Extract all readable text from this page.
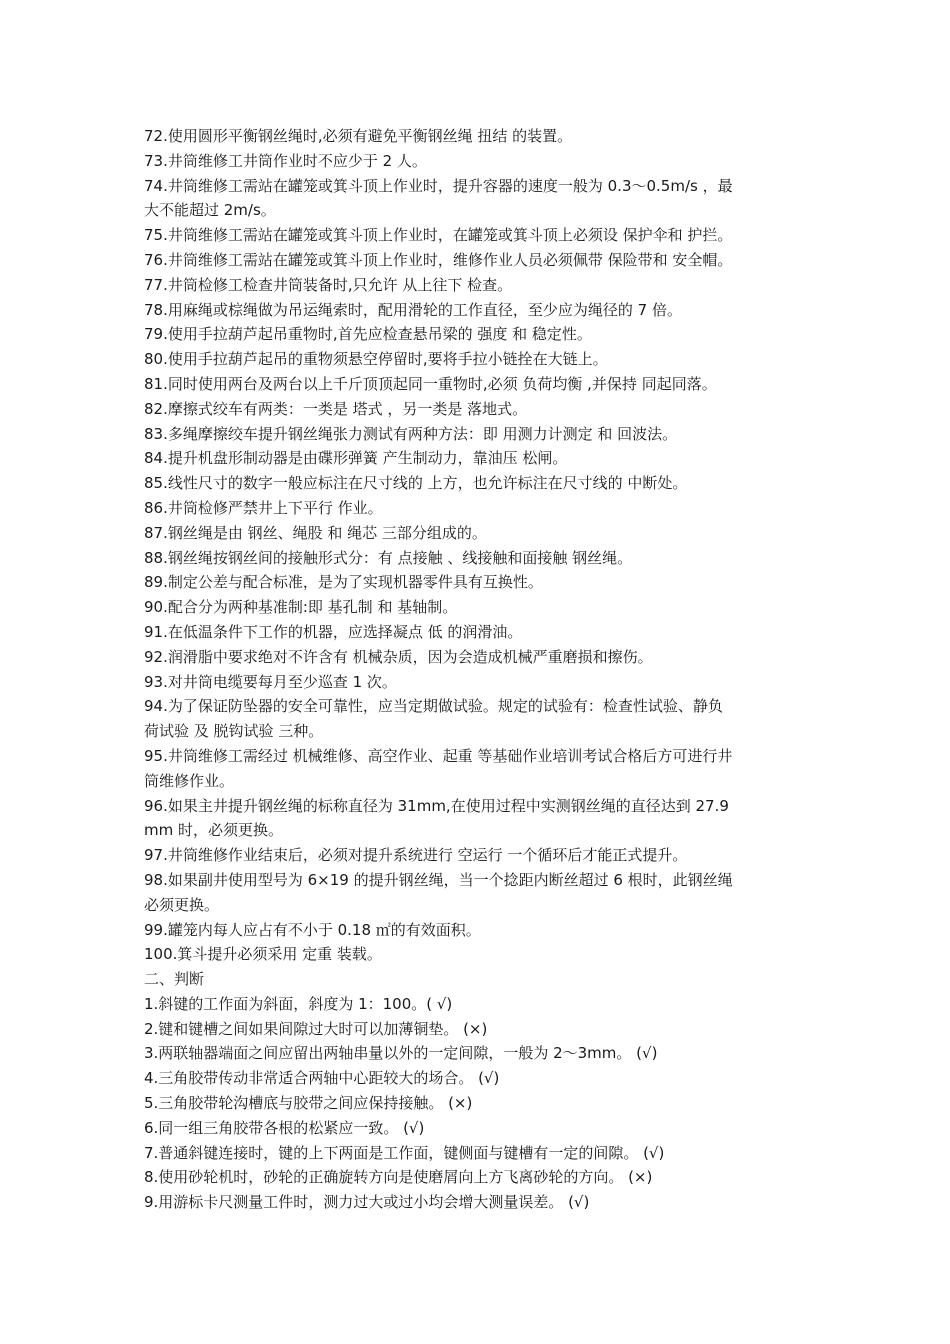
72.使用圆形平衡钢丝绳时,必须有避免平衡钢丝绳 扭结 的装置。
73.井筒维修工井筒作业时不应少于 2 人。
74.井筒维修工需站在罐笼或箕斗顶上作业时，提升容器的速度一般为 0.3～0.5m/s ，最
大不能超过 2m/s。
75.井筒维修工需站在罐笼或箕斗顶上作业时，在罐笼或箕斗顶上必须设 保护伞和 护拦。
76.井筒维修工需站在罐笼或箕斗顶上作业时，维修作业人员必须佩带 保险带和 安全帽。
77.井筒检修工检查井筒装备时,只允许 从上往下 检查。
78.用麻绳或棕绳做为吊运绳索时，配用滑轮的工作直径，至少应为绳径的 7 倍。
79.使用手拉葫芦起吊重物时,首先应检查悬吊梁的 强度 和 稳定性。
80.使用手拉葫芦起吊的重物须悬空停留时,要将手拉小链拴在大链上。
81.同时使用两台及两台以上千斤顶顶起同一重物时,必须 负荷均衡 ,并保持 同起同落。
82.摩擦式绞车有两类：一类是 塔式 ，另一类是 落地式。
83.多绳摩擦绞车提升钢丝绳张力测试有两种方法：即 用测力计测定 和 回波法。
84.提升机盘形制动器是由碟形弹簧 产生制动力，靠油压 松闸。
85.线性尺寸的数字一般应标注在尺寸线的 上方，也允许标注在尺寸线的 中断处。
86.井筒检修严禁井上下平行 作业。
87.钢丝绳是由 钢丝、绳股 和 绳芯 三部分组成的。
88.钢丝绳按钢丝间的接触形式分：有 点接触 、线接触和面接触 钢丝绳。
89.制定公差与配合标准，是为了实现机器零件具有互换性。
90.配合分为两种基准制:即 基孔制 和 基轴制。
91.在低温条件下工作的机器，应选择凝点 低 的润滑油。
92.润滑脂中要求绝对不许含有 机械杂质，因为会造成机械严重磨损和擦伤。
93.对井筒电缆要每月至少巡查 1 次。
94.为了保证防坠器的安全可靠性，应当定期做试验。规定的试验有：检查性试验、静负
荷试验 及 脱钩试验 三种。
95.井筒维修工需经过 机械维修、高空作业、起重 等基础作业培训考试合格后方可进行井
筒维修作业。
96.如果主井提升钢丝绳的标称直径为 31mm,在使用过程中实测钢丝绳的直径达到 27.9
mm 时，必须更换。
97.井筒维修作业结束后，必须对提升系统进行 空运行 一个循环后才能正式提升。
98.如果副井使用型号为 6×19 的提升钢丝绳，当一个捻距内断丝超过 6 根时，此钢丝绳
必须更换。
99.罐笼内每人应占有不小于 0.18 ㎡的有效面积。
100.箕斗提升必须采用 定重 装载。
二、判断
1.斜键的工作面为斜面，斜度为 1：100。( √)
2.键和键槽之间如果间隙过大时可以加薄铜垫。 (×)
3.两联轴器端面之间应留出两轴串量以外的一定间隙，一般为 2～3mm。 (√)
4.三角胶带传动非常适合两轴中心距较大的场合。 (√)
5.三角胶带轮沟槽底与胶带之间应保持接触。 (×)
6.同一组三角胶带各根的松紧应一致。 (√)
7.普通斜键连接时，键的上下两面是工作面，键侧面与键槽有一定的间隙。 (√)
8.使用砂轮机时，砂轮的正确旋转方向是使磨屑向上方飞离砂轮的方向。 (×)
9.用游标卡尺测量工件时，测力过大或过小均会增大测量误差。 (√)
